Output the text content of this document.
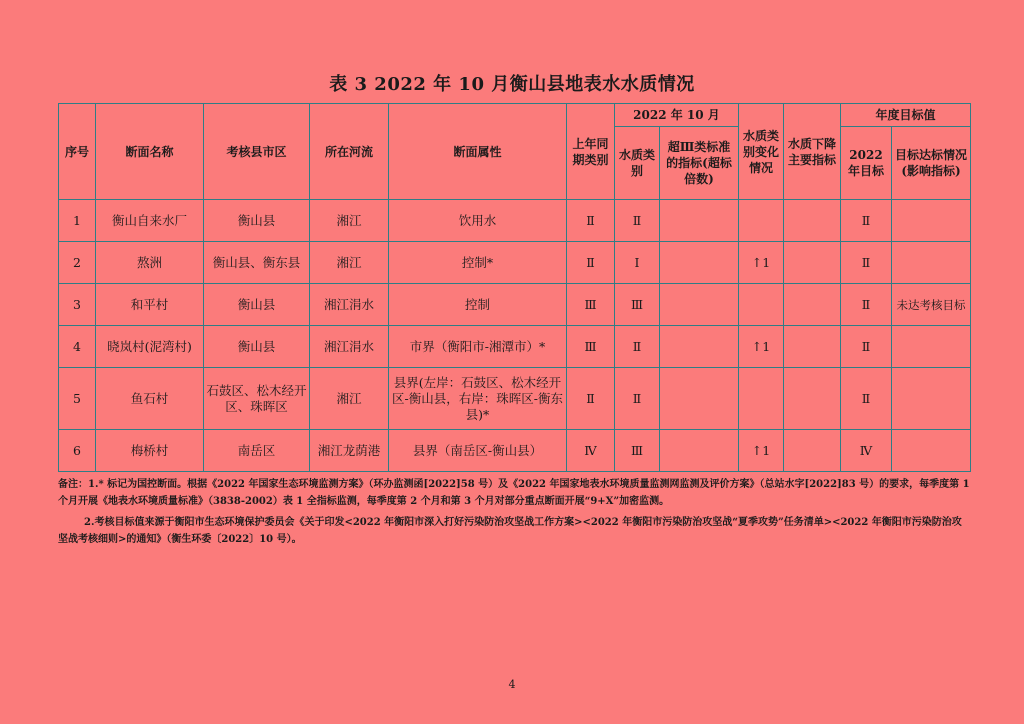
表 3 2022 年 10 月衡山县地表水水质情况
序号	断面名称	考核县市区	所在河流	断面属性	上年同期类别	2022 年 10 月		水质类别变化情况	水质下降主要指标	年度目标值	
						水质类别	超Ⅲ类标准的指标(超标倍数)			2022 年目标	目标达标情况(影响指标)
1	衡山自来水厂	衡山县	湘江	饮用水	Ⅱ	Ⅱ				Ⅱ	
2	熬洲	衡山县、衡东县	湘江	控制*	Ⅱ	Ⅰ		↑1		Ⅱ	
3	和平村	衡山县	湘江涓水	控制	Ⅲ	Ⅲ				Ⅱ	未达考核目标
4	晓岚村(泥湾村)	衡山县	湘江涓水	市界（衡阳市-湘潭市）*	Ⅲ	Ⅱ		↑1		Ⅱ	
5	鱼石村	石鼓区、松木经开区、珠晖区	湘江	县界(左岸：石鼓区、松木经开区-衡山县，右岸：珠晖区-衡东县)*	Ⅱ	Ⅱ				Ⅱ	
6	梅桥村	南岳区	湘江龙荫港	县界（南岳区-衡山县）	Ⅳ	Ⅲ		↑1		Ⅳ	

备注：1.* 标记为国控断面。根据《2022 年国家生态环境监测方案》（环办监测函[2022]58 号）及《2022 年国家地表水环境质量监测网监测及评价方案》（总站水字[2022]83 号）的要求，每季度第 1 个月开展《地表水环境质量标准》（3838-2002）表 1 全指标监测，每季度第 2 个月和第 3 个月对部分重点断面开展“9+X”加密监测。

2.考核目标值来源于衡阳市生态环境保护委员会《关于印发<2022 年衡阳市深入打好污染防治攻坚战工作方案><2022 年衡阳市污染防治攻坚战“夏季攻势”任务清单><2022 年衡阳市污染防治攻坚战考核细则>的通知》（衡生环委〔2022〕10 号）。

4
